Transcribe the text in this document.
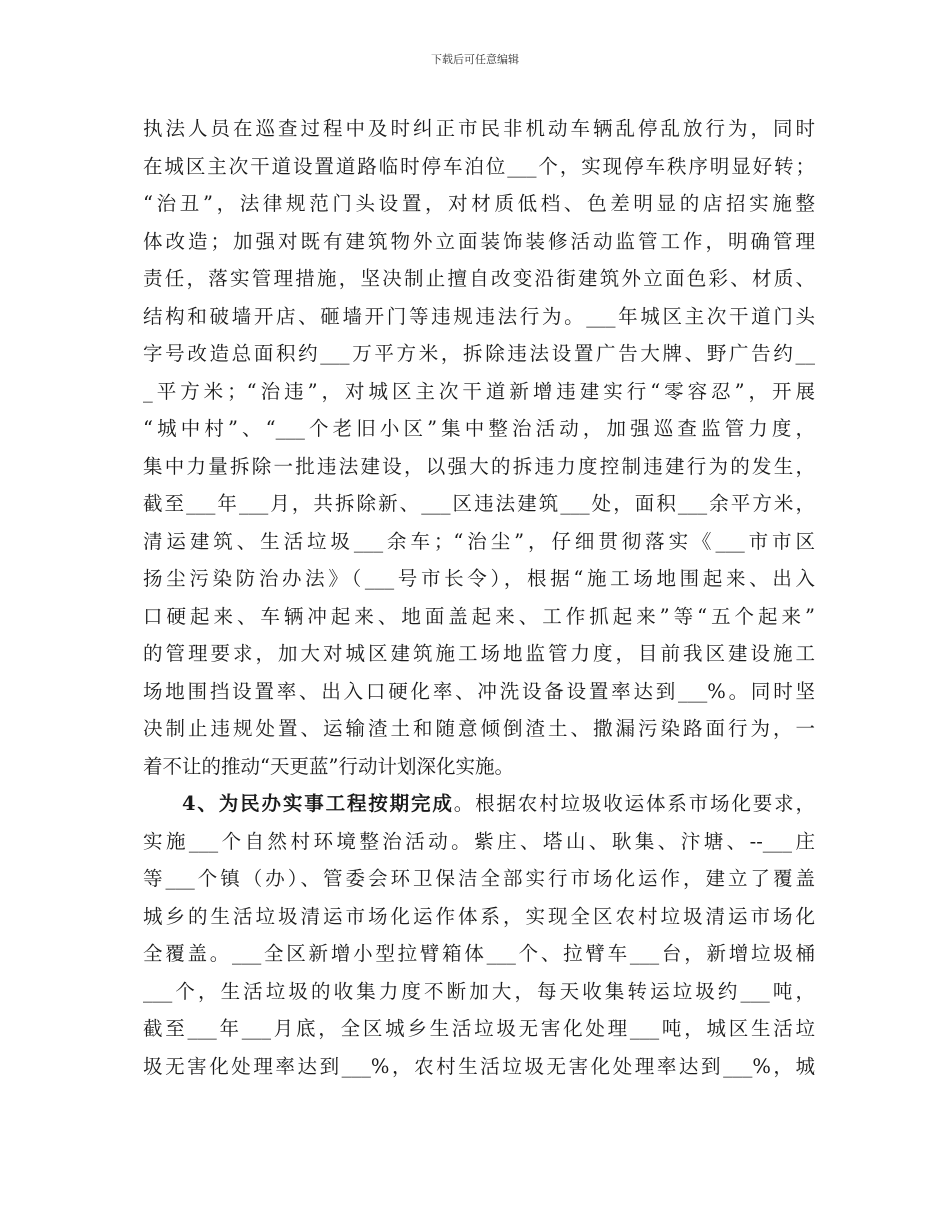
下载后可任意编辑
执法人员在巡查过程中及时纠正市民非机动车辆乱停乱放行为，同时
在城区主次干道设置道路临时停车泊位___个，实现停车秩序明显好转；
“治丑”，法律规范门头设置，对材质低档、色差明显的店招实施整
体改造；加强对既有建筑物外立面装饰装修活动监管工作，明确管理
责任，落实管理措施，坚决制止擅自改变沿街建筑外立面色彩、材质、
结构和破墙开店、砸墙开门等违规违法行为。___年城区主次干道门头
字号改造总面积约___万平方米，拆除违法设置广告大牌、野广告约__
_平方米；“治违”，对城区主次干道新增违建实行“零容忍”，开展
“城中村”、“___个老旧小区”集中整治活动，加强巡查监管力度，
集中力量拆除一批违法建设，以强大的拆违力度控制违建行为的发生，
截至___年___月，共拆除新、___区违法建筑___处，面积___余平方米，
清运建筑、生活垃圾___余车；“治尘”，仔细贯彻落实《___市市区
扬尘污染防治办法》（___号市长令），根据“施工场地围起来、出入
口硬起来、车辆冲起来、地面盖起来、工作抓起来”等“五个起来”
的管理要求，加大对城区建筑施工场地监管力度，目前我区建设施工
场地围挡设置率、出入口硬化率、冲洗设备设置率达到___%。同时坚
决制止违规处置、运输渣土和随意倾倒渣土、撒漏污染路面行为，一
着不让的推动“天更蓝”行动计划深化实施。
4、为民办实事工程按期完成。根据农村垃圾收运体系市场化要求，
实施___个自然村环境整治活动。紫庄、塔山、耿集、汴塘、--___庄
等___个镇（办）、管委会环卫保洁全部实行市场化运作，建立了覆盖
城乡的生活垃圾清运市场化运作体系，实现全区农村垃圾清运市场化
全覆盖。___全区新增小型拉臂箱体___个、拉臂车___台，新增垃圾桶
___个，生活垃圾的收集力度不断加大，每天收集转运垃圾约___吨，
截至___年___月底，全区城乡生活垃圾无害化处理___吨，城区生活垃
圾无害化处理率达到___%，农村生活垃圾无害化处理率达到___%，城
